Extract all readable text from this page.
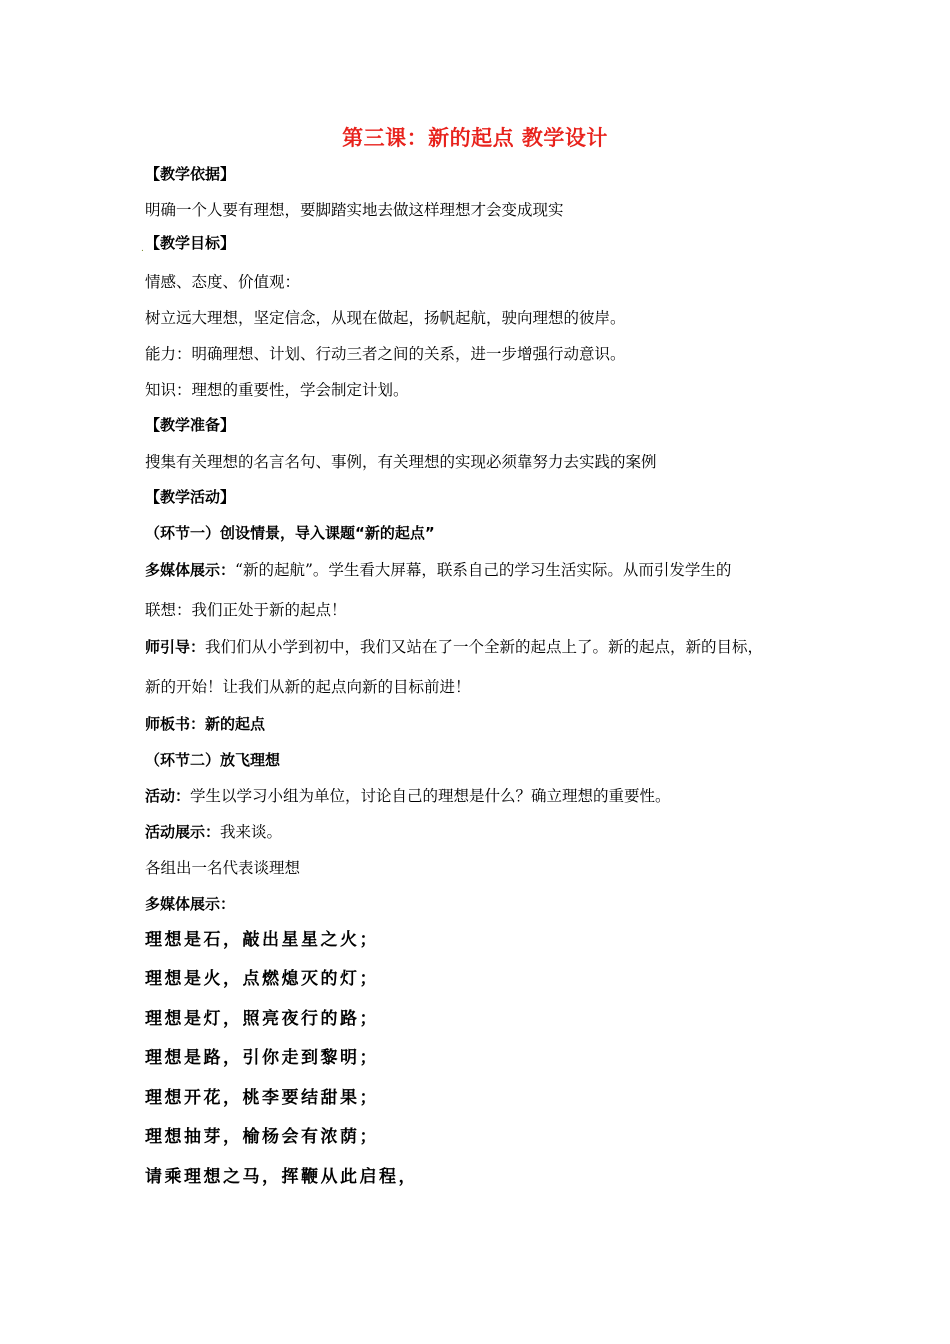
第三课：新的起点 教学设计
【教学依据】
明确一个人要有理想，要脚踏实地去做这样理想才会变成现实
【教学目标】
情感、态度、价值观：
树立远大理想，坚定信念，从现在做起，扬帆起航，驶向理想的彼岸。
能力：明确理想、计划、行动三者之间的关系，进一步增强行动意识。
知识：理想的重要性，学会制定计划。
【教学准备】
搜集有关理想的名言名句、事例，有关理想的实现必须靠努力去实践的案例
【教学活动】
（环节一）创设情景，导入课题“新的起点”
多媒体展示：“新的起航”。学生看大屏幕，联系自己的学习生活实际。从而引发学生的
联想：我们正处于新的起点！
师引导：我们们从小学到初中，我们又站在了一个全新的起点上了。新的起点，新的目标，
新的开始！让我们从新的起点向新的目标前进！
师板书：新的起点
（环节二）放飞理想
活动：学生以学习小组为单位，讨论自己的理想是什么？确立理想的重要性。
活动展示：我来谈。
各组出一名代表谈理想
多媒体展示：
理想是石，敲出星星之火；
理想是火，点燃熄灭的灯；
理想是灯，照亮夜行的路；
理想是路，引你走到黎明；
理想开花，桃李要结甜果；
理想抽芽，榆杨会有浓荫；
请乘理想之马，挥鞭从此启程，
.
